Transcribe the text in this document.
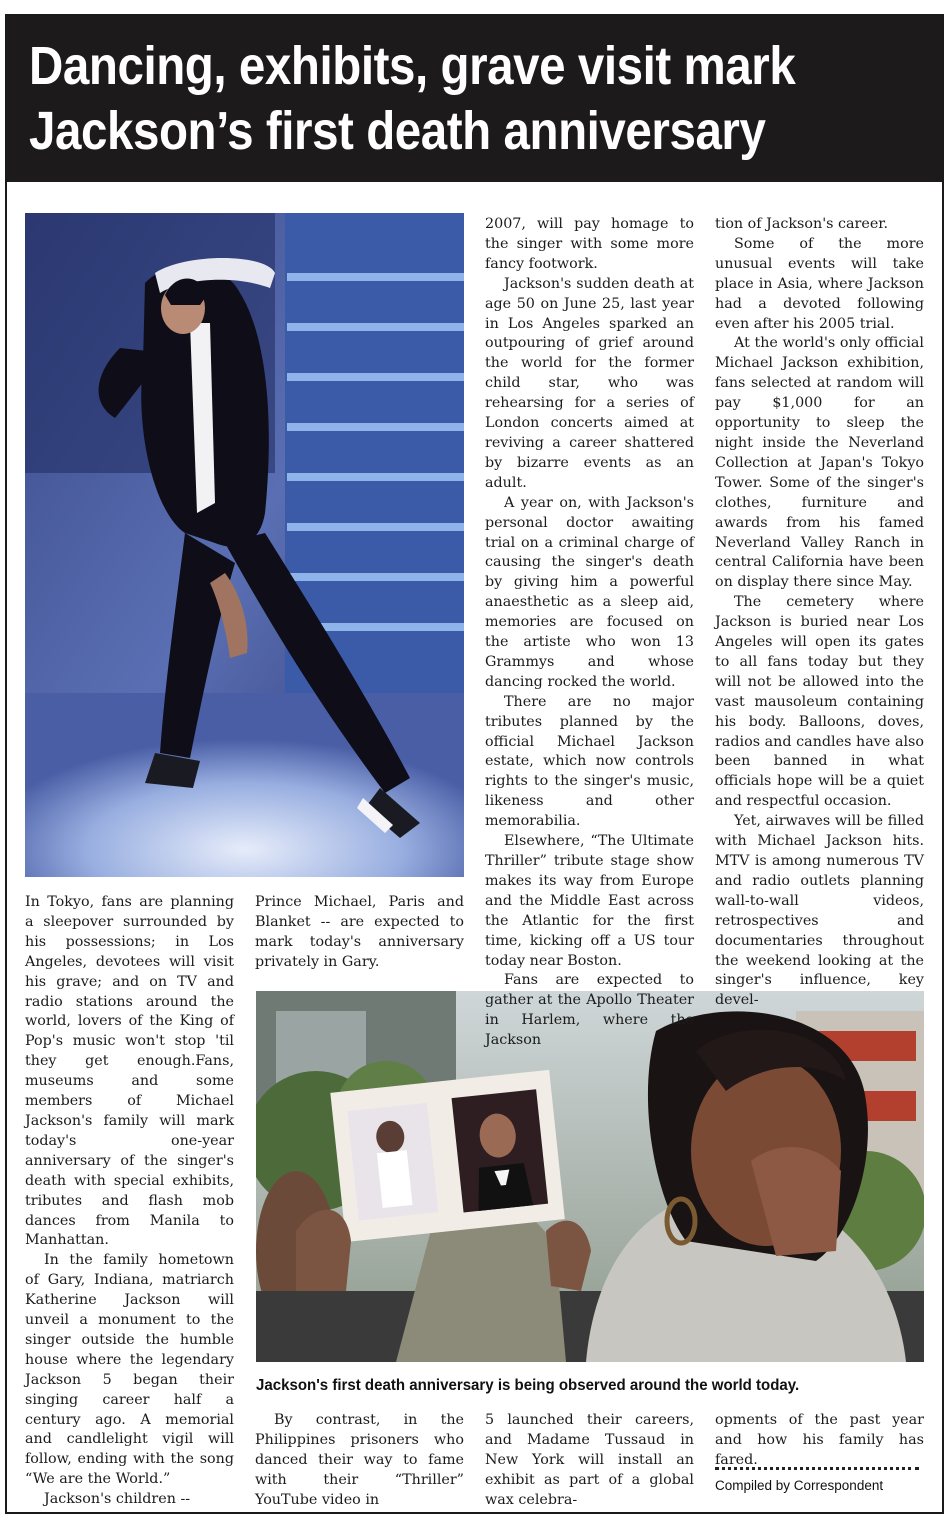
Dancing, exhibits, grave visit mark
Jackson’s first death anniversary

In Tokyo, fans are planning a sleepover surrounded by his possessions; in Los Angeles, devotees will visit his grave; and on TV and radio stations around the world, lovers of the King of Pop's music won't stop 'til they get enough.Fans, museums and some members of Michael Jackson's family will mark today's one-year anniversary of the singer's death with special exhibits, tributes and flash mob dances from Manila to Manhattan.

In the family hometown of Gary, Indiana, matriarch Katherine Jackson will unveil a monument to the singer outside the humble house where the legendary Jackson 5 began their singing career half a century ago. A memorial and candlelight vigil will follow, ending with the song “We are the World.”

Jackson's children --

Prince Michael, Paris and Blanket -- are expected to mark today's anniversary privately in Gary.

By contrast, in the Philippines prisoners who danced their way to fame with their “Thriller” YouTube video in

2007, will pay homage to the singer with some more fancy footwork.

Jackson's sudden death at age 50 on June 25, last year in Los Angeles sparked an outpouring of grief around the world for the former child star, who was rehearsing for a series of London concerts aimed at reviving a career shattered by bizarre events as an adult.

A year on, with Jackson's personal doctor awaiting trial on a criminal charge of causing the singer's death by giving him a powerful anaesthetic as a sleep aid, memories are focused on the artiste who won 13 Grammys and whose dancing rocked the world.

There are no major tributes planned by the official Michael Jackson estate, which now controls rights to the singer's music, likeness and other memorabilia.

Elsewhere, “The Ultimate Thriller” tribute stage show makes its way from Europe and the Middle East across the Atlantic for the first time, kicking off a US tour today near Boston.

Fans are expected to gather at the Apollo Theater in Harlem, where the Jackson

5 launched their careers, and Madame Tussaud in New York will install an exhibit as part of a global wax celebra-

tion of Jackson's career.

Some of the more unusual events will take place in Asia, where Jackson had a devoted following even after his 2005 trial.

At the world's only official Michael Jackson exhibition, fans selected at random will pay $1,000 for an opportunity to sleep the night inside the Neverland Collection at Japan's Tokyo Tower. Some of the singer's clothes, furniture and awards from his famed Neverland Valley Ranch in central California have been on display there since May.

The cemetery where Jackson is buried near Los Angeles will open its gates to all fans today but they will not be allowed into the vast mausoleum containing his body. Balloons, doves, radios and candles have also been banned in what officials hope will be a quiet and respectful occasion.

Yet, airwaves will be filled with Michael Jackson hits. MTV is among numerous TV and radio outlets planning wall-to-wall videos, retrospectives and documentaries throughout the weekend looking at the singer's influence, key devel-

opments of the past year and how his family has fared.

Jackson's first death anniversary is being observed around the world today.
Compiled by Correspondent
